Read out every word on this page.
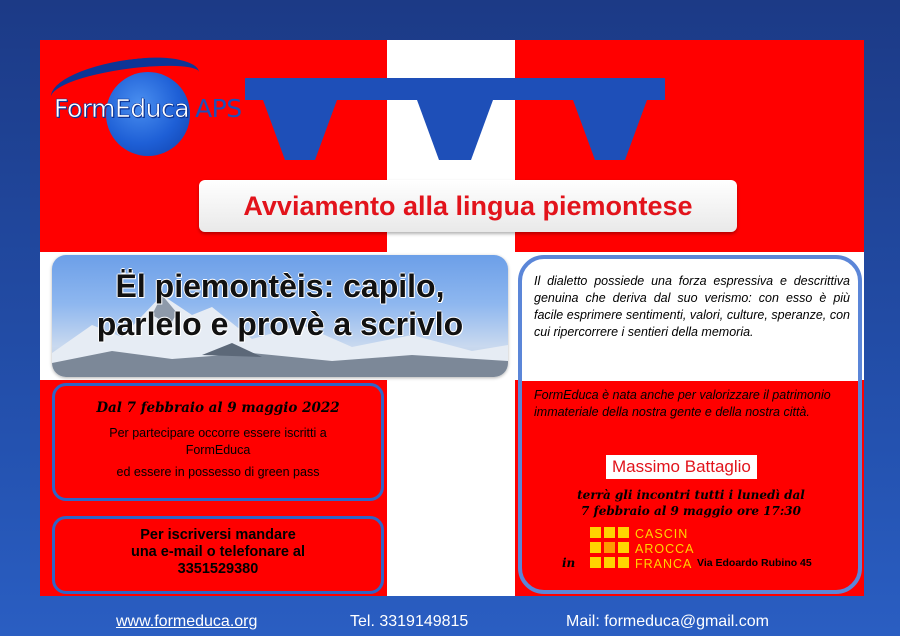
FormEduca APS
Avviamento alla lingua piemontese
Ël piemontèis: capilo,
parlelo e provè a scrivlo
Dal 7 febbraio al 9 maggio 2022
Per partecipare occorre essere iscritti a
FormEduca
ed essere in possesso di green pass
Per iscriversi mandare
una e-mail o telefonare al
3351529380
Il dialetto possiede una forza espressiva e descrittiva genuina che deriva dal suo verismo: con esso è più facile esprimere sentimenti, valori, culture, speranze, con cui ripercorrere i sentieri della memoria.
FormEduca è nata anche per valorizzare il patrimonio immateriale della nostra gente e della nostra città.
Massimo Battaglio
terrà gli incontri tutti i lunedì dal
7 febbraio al 9 maggio ore 17:30
in
CASCIN
AROCCA
FRANCA Via Edoardo Rubino 45
www.formeduca.org	Tel. 3319149815	Mail: formeduca@gmail.com
